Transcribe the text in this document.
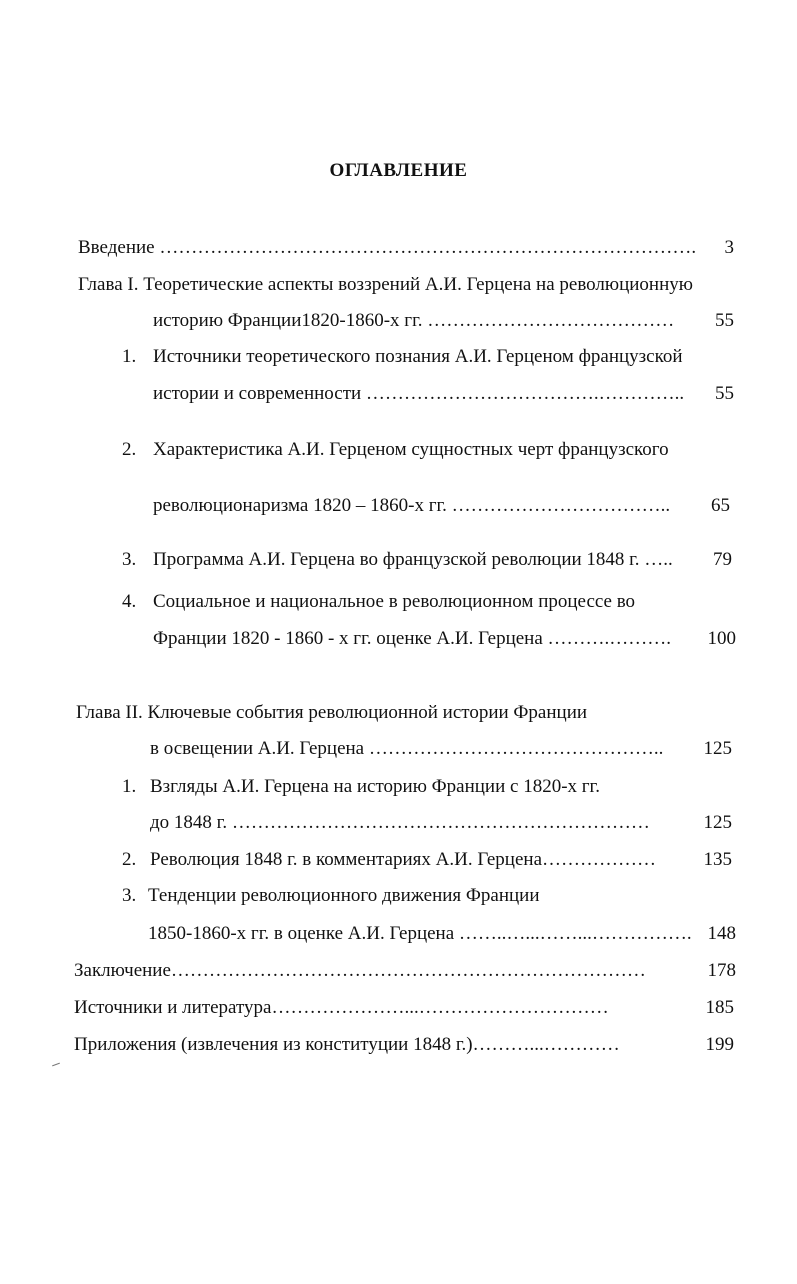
ОГЛАВЛЕНИЕ
Введение ………………………………………………………………………….	3
Глава I. Теоретические аспекты воззрений А.И. Герцена на революционную
историю Франции1820-1860-х гг. …………………………………	55
1. Источники теоретического познания А.И. Герценом французской
истории и современности ……………………………….…………..	55
2. Характеристика А.И. Герценом сущностных черт французского
революционаризма 1820 – 1860-х гг. ……………………………..	65
3. Программа А.И. Герцена во французской революции 1848 г. …..	79
4. Социальное и национальное в революционном процессе во
Франции 1820 - 1860 - х гг. оценке А.И. Герцена ……….……….	100
Глава II. Ключевые события революционной истории Франции
в освещении А.И. Герцена ………………………………………..	125
1. Взгляды А.И. Герцена на историю Франции с 1820-х гг.
до 1848 г. …………………………………………………………	125
2. Революция 1848 г. в комментариях А.И. Герцена………………	135
3. Тенденции революционного движения Франции
1850-1860-х гг. в оценке А.И. Герцена ……..…...……...……………. 148
Заключение…………………………………………………………………	178
Источники и литература…………………...…………………………	185
Приложения (извлечения из конституции 1848 г.)………...…………	199
